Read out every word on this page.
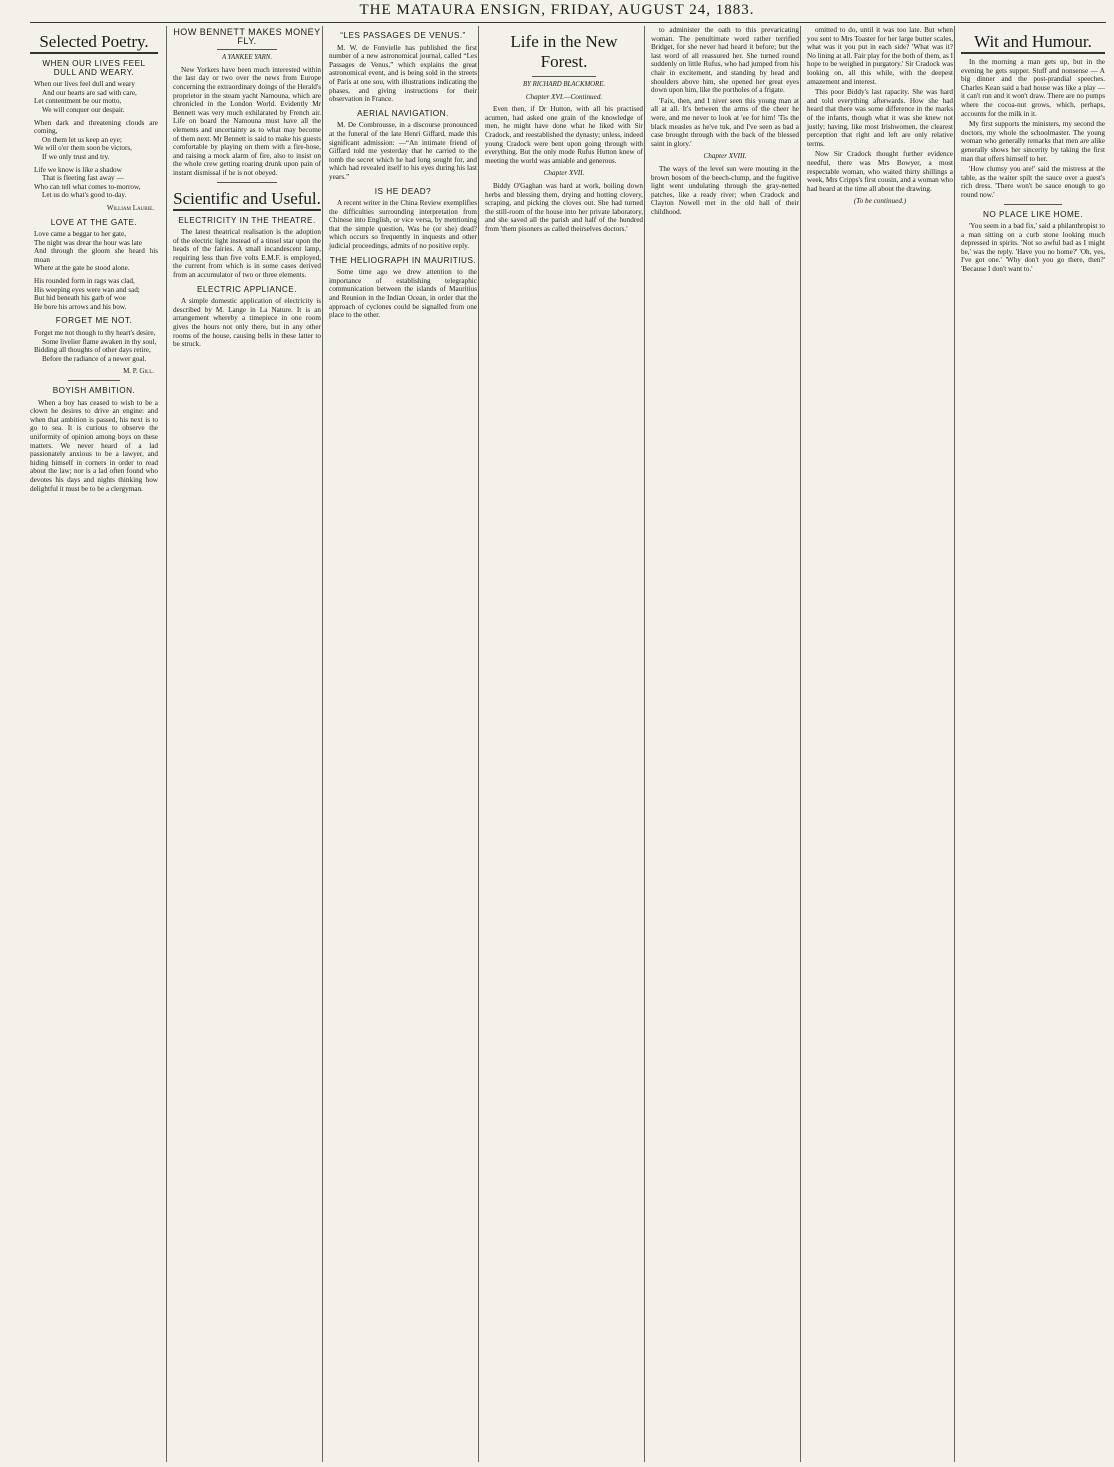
THE MATAURA ENSIGN, FRIDAY, AUGUST 24, 1883.
Selected Poetry.
WHEN OUR LIVES FEEL DULL AND WEARY.

When our lives feel dull and weary

And our hearts are sad with care,

Let contentment be our motto,

We will conquer our despair.

When dark and threatening clouds are coming,

On them let us keep an eye;

We will o'er them soon be victors,

If we only trust and try.

Life we know is like a shadow

That is fleeting fast away —

Who can tell what comes to-morrow,

Let us do what's good to-day.

William Laurie.
LOVE AT THE GATE.

Love came a beggar to her gate,

The night was drear the hour was late

And through the gloom she heard his moan

Where at the gate he stood alone.

His rounded form in rags was clad,

His weeping eyes were wan and sad;

But hid beneath his garb of woe

He bore his arrows and his bow.

FORGET ME NOT.

Forget me not though to thy heart's desire,

Some livelier flame awaken in thy soul,

Bidding all thoughts of other days retire,

Before the radiance of a newer goal.

M. P. Gill.
BOYISH AMBITION.

When a boy has ceased to wish to be a clown he desires to drive an engine: and when that ambition is passed, his next is to go to sea. It is curious to observe the uniformity of opinion among boys on these matters. We never heard of a lad passionately anxious to be a lawyer, and hiding himself in corners in order to read about the law; nor is a lad often found who devotes his days and nights thinking how delightful it must be to be a clergyman.

HOW BENNETT MAKES MONEY FLY.
A YANKEE YARN.

New Yorkers have been much interested within the last day or two over the news from Europe concerning the extraordinary doings of the Herald's proprietor in the steam yacht Namouna, which are chronicled in the London World. Evidently Mr Bennett was very much exhilarated by French air. Life on board the Namouna must have all the elements and uncertainty as to what may become of them next. Mr Bennett is said to make his guests comfortable by playing on them with a fire-hose, and raising a mock alarm of fire, also to insist on the whole crew getting roaring drunk upon pain of instant dismissal if he is not obeyed.

Scientific and Useful.
ELECTRICITY IN THE THEATRE.

The latest theatrical realisation is the adoption of the electric light instead of a tinsel star upon the heads of the fairies. A small incandescent lamp, requiring less than five volts E.M.F. is employed, the current from which is in some cases derived from an accumulator of two or three elements.

ELECTRIC APPLIANCE.

A simple domestic application of electricity is described by M. Lange in La Nature. It is an arrangement whereby a timepiece in one room gives the hours not only there, but in any other rooms of the house, causing bells in these latter to be struck.

“LES PASSAGES DE VENUS.”

M. W. de Fonvielle has published the first number of a new astronomical journal, called “Les Passages de Venus,” which explains the great astronomical event, and is being sold in the streets of Paris at one sou, with illustrations indicating the phases, and giving instructions for their observation in France.

AERIAL NAVIGATION.

M. De Combrousse, in a discourse pronounced at the funeral of the late Henri Giffard, made this significant admission: —“An intimate friend of Giffard told me yesterday that he carried to the tomb the secret which he had long sought for, and which had revealed itself to his eyes during his last years.”

IS HE DEAD?

A recent writer in the China Review exemplifies the difficulties surrounding interpretation from Chinese into English, or vice versa, by mentioning that the simple question, Was he (or she) dead? which occurs so frequently in inquests and other judicial proceedings, admits of no positive reply.

THE HELIOGRAPH IN MAURITIUS.

Some time ago we drew attention to the importance of establishing telegraphic communication between the islands of Mauritius and Reunion in the Indian Ocean, in order that the approach of cyclones could be signalled from one place to the other.

Life in the New Forest.
BY RICHARD BLACKMORE.
Chapter XVI.—Continued.

Even then, if Dr Hutton, with all his practised acumen, had asked one grain of the knowledge of men, he might have done what he liked with Sir Cradock, and reestablished the dynasty; unless, indeed young Cradock were bent upon going through with everything. But the only mode Rufus Hutton knew of meeting the world was amiable and generous.

Chapter XVII.

Biddy O'Gaghan was hard at work, boiling down herbs and blessing them, drying and hotting clovery, scraping, and picking the cloves out. She had turned the still-room of the house into her private laboratory, and she saved all the parish and half of the hundred from 'them pisoners as called theirselves doctors.'

to administer the oath to this prevaricating woman. The penultimate word rather terrified Bridget, for she never had heard it before; but the last word of all reassured her. She turned round suddenly on little Rufus, who had jumped from his chair in excitement, and standing by head and shoulders above him, she opened her great eyes down upon him, like the portholes of a frigate.

'Faix, then, and I niver seen this young man at all at all. It's between the arms of the cheer he were, and me never to look at 'ee for him! 'Tis the black measles as he've tuk, and I've seen as bad a case brought through with the back of the blessed saint in glory.'

Chapter XVIII.

The ways of the level sun were mouting in the brown bosom of the beech-clump, and the fugitive light went undulating through the gray-netted patches, like a ready river; when Cradock and Clayton Nowell met in the old hall of their childhood.

omitted to do, until it was too late. But when you sent to Mrs Toaster for her large butter scales, what was it you put in each side? 'What was it? No lining at all. Fair play for the both of them, as I hope to be weighed in purgatory.' Sir Cradock was looking on, all this while, with the deepest amazement and interest.

This poor Biddy's last rapacity. She was hard and told everything afterwards. How she had heard that there was some difference in the marks of the infants, though what it was she knew not justly; having, like most Irishwomen, the clearest perception that right and left are only relative terms.

Now Sir Cradock thought further evidence needful, there was Mrs Bowyer, a most respectable woman, who waited thirty shillings a week, Mrs Cripps's first cousin, and a woman who had heard at the time all about the drawing.

(To be continued.)
Wit and Humour.

In the morning a man gets up, but in the evening he gets supper. Stuff and nonsense — A big dinner and the post-prandial speeches. Charles Kean said a bad house was like a play — it can't run and it won't draw. There are no pumps where the cocoa-nut grows, which, perhaps, accounts for the milk in it.

My first supports the ministers, my second the doctors, my whole the schoolmaster. The young woman who generally remarks that men are alike generally shows her sincerity by taking the first man that offers himself to her.

'How clumsy you are!' said the mistress at the table, as the waiter spilt the sauce over a guest's rich dress. 'There won't be sauce enough to go round now.'

NO PLACE LIKE HOME.

'You seem in a bad fix,' said a philanthropist to a man sitting on a curb stone looking much depressed in spirits. 'Not so awful bad as I might be,' was the reply. 'Have you no home?' 'Oh, yes, I've got one.' 'Why don't you go there, then?' 'Because I don't want to.'
